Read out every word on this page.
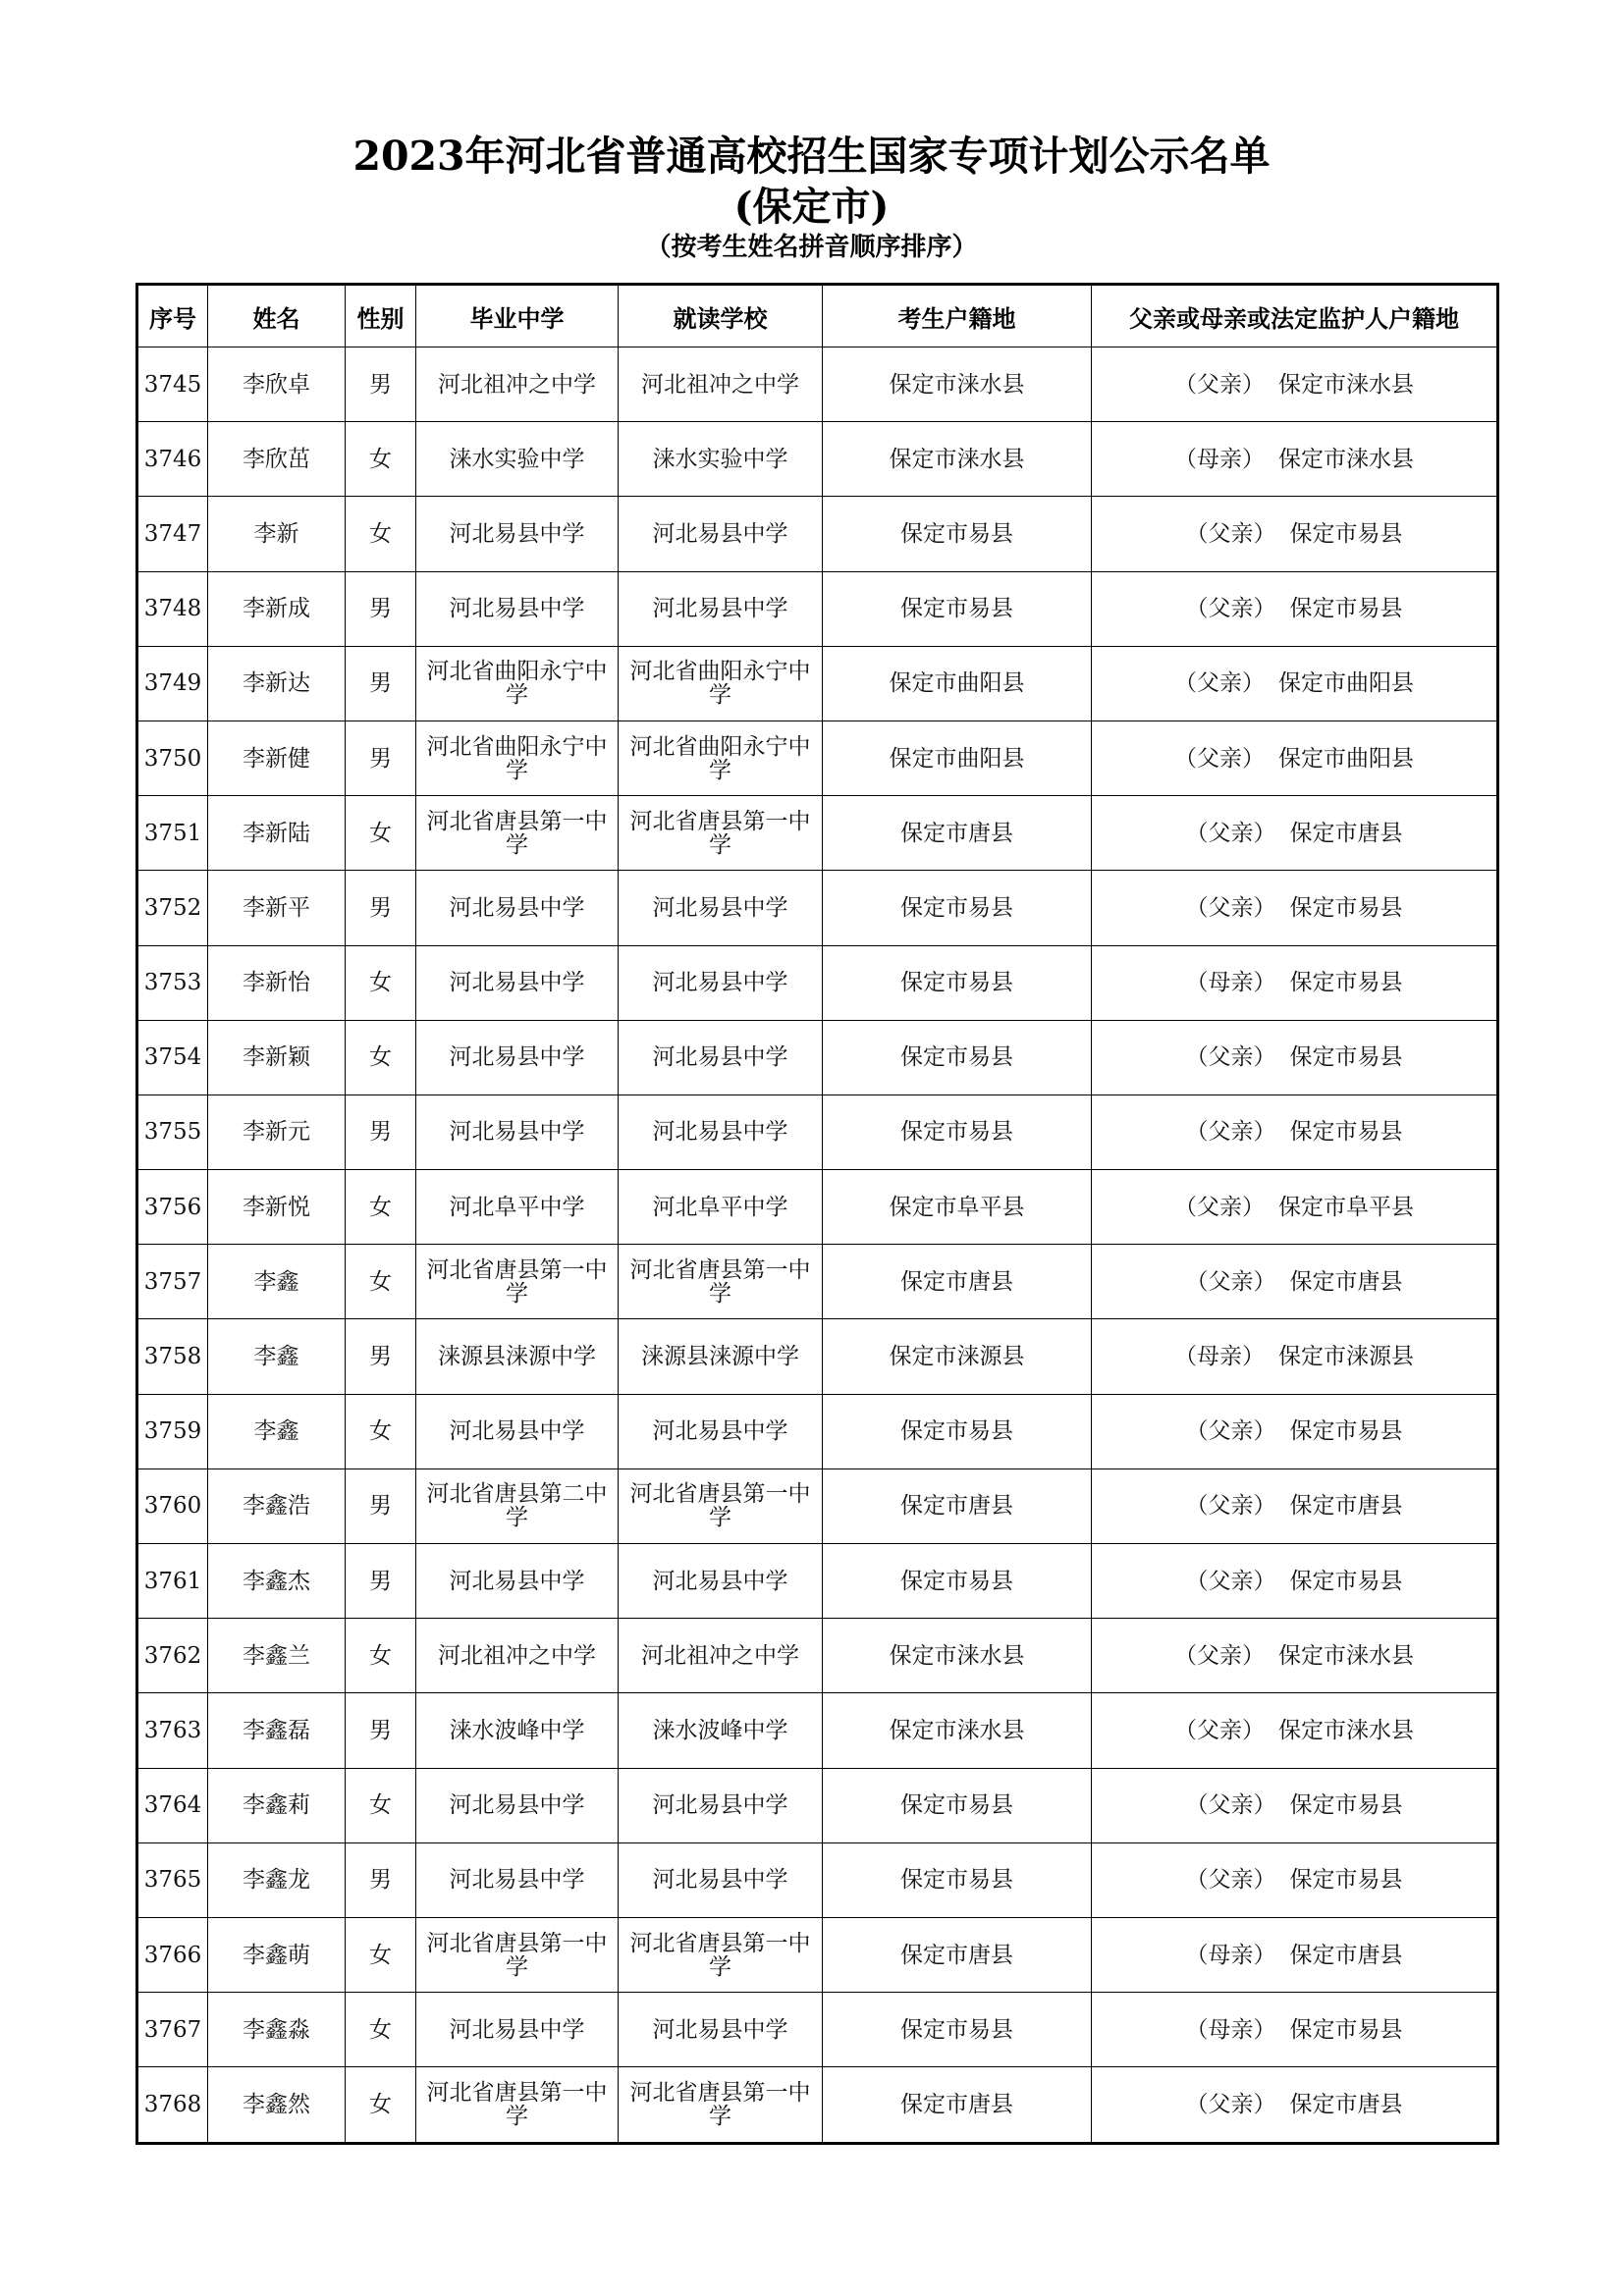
2023年河北省普通高校招生国家专项计划公示名单
(保定市)
（按考生姓名拼音顺序排序）
序号	姓名	性别	毕业中学	就读学校	考生户籍地	父亲或母亲或法定监护人户籍地
3745	李欣卓	男	河北祖冲之中学	河北祖冲之中学	保定市涞水县	（父亲） 保定市涞水县
3746	李欣茁	女	涞水实验中学	涞水实验中学	保定市涞水县	（母亲） 保定市涞水县
3747	李新	女	河北易县中学	河北易县中学	保定市易县	（父亲） 保定市易县
3748	李新成	男	河北易县中学	河北易县中学	保定市易县	（父亲） 保定市易县
3749	李新达	男	河北省曲阳永宁中学	河北省曲阳永宁中学	保定市曲阳县	（父亲） 保定市曲阳县
3750	李新健	男	河北省曲阳永宁中学	河北省曲阳永宁中学	保定市曲阳县	（父亲） 保定市曲阳县
3751	李新陆	女	河北省唐县第一中学	河北省唐县第一中学	保定市唐县	（父亲） 保定市唐县
3752	李新平	男	河北易县中学	河北易县中学	保定市易县	（父亲） 保定市易县
3753	李新怡	女	河北易县中学	河北易县中学	保定市易县	（母亲） 保定市易县
3754	李新颖	女	河北易县中学	河北易县中学	保定市易县	（父亲） 保定市易县
3755	李新元	男	河北易县中学	河北易县中学	保定市易县	（父亲） 保定市易县
3756	李新悦	女	河北阜平中学	河北阜平中学	保定市阜平县	（父亲） 保定市阜平县
3757	李鑫	女	河北省唐县第一中学	河北省唐县第一中学	保定市唐县	（父亲） 保定市唐县
3758	李鑫	男	涞源县涞源中学	涞源县涞源中学	保定市涞源县	（母亲） 保定市涞源县
3759	李鑫	女	河北易县中学	河北易县中学	保定市易县	（父亲） 保定市易县
3760	李鑫浩	男	河北省唐县第二中学	河北省唐县第一中学	保定市唐县	（父亲） 保定市唐县
3761	李鑫杰	男	河北易县中学	河北易县中学	保定市易县	（父亲） 保定市易县
3762	李鑫兰	女	河北祖冲之中学	河北祖冲之中学	保定市涞水县	（父亲） 保定市涞水县
3763	李鑫磊	男	涞水波峰中学	涞水波峰中学	保定市涞水县	（父亲） 保定市涞水县
3764	李鑫莉	女	河北易县中学	河北易县中学	保定市易县	（父亲） 保定市易县
3765	李鑫龙	男	河北易县中学	河北易县中学	保定市易县	（父亲） 保定市易县
3766	李鑫萌	女	河北省唐县第一中学	河北省唐县第一中学	保定市唐县	（母亲） 保定市唐县
3767	李鑫淼	女	河北易县中学	河北易县中学	保定市易县	（母亲） 保定市易县
3768	李鑫然	女	河北省唐县第一中学	河北省唐县第一中学	保定市唐县	（父亲） 保定市唐县
